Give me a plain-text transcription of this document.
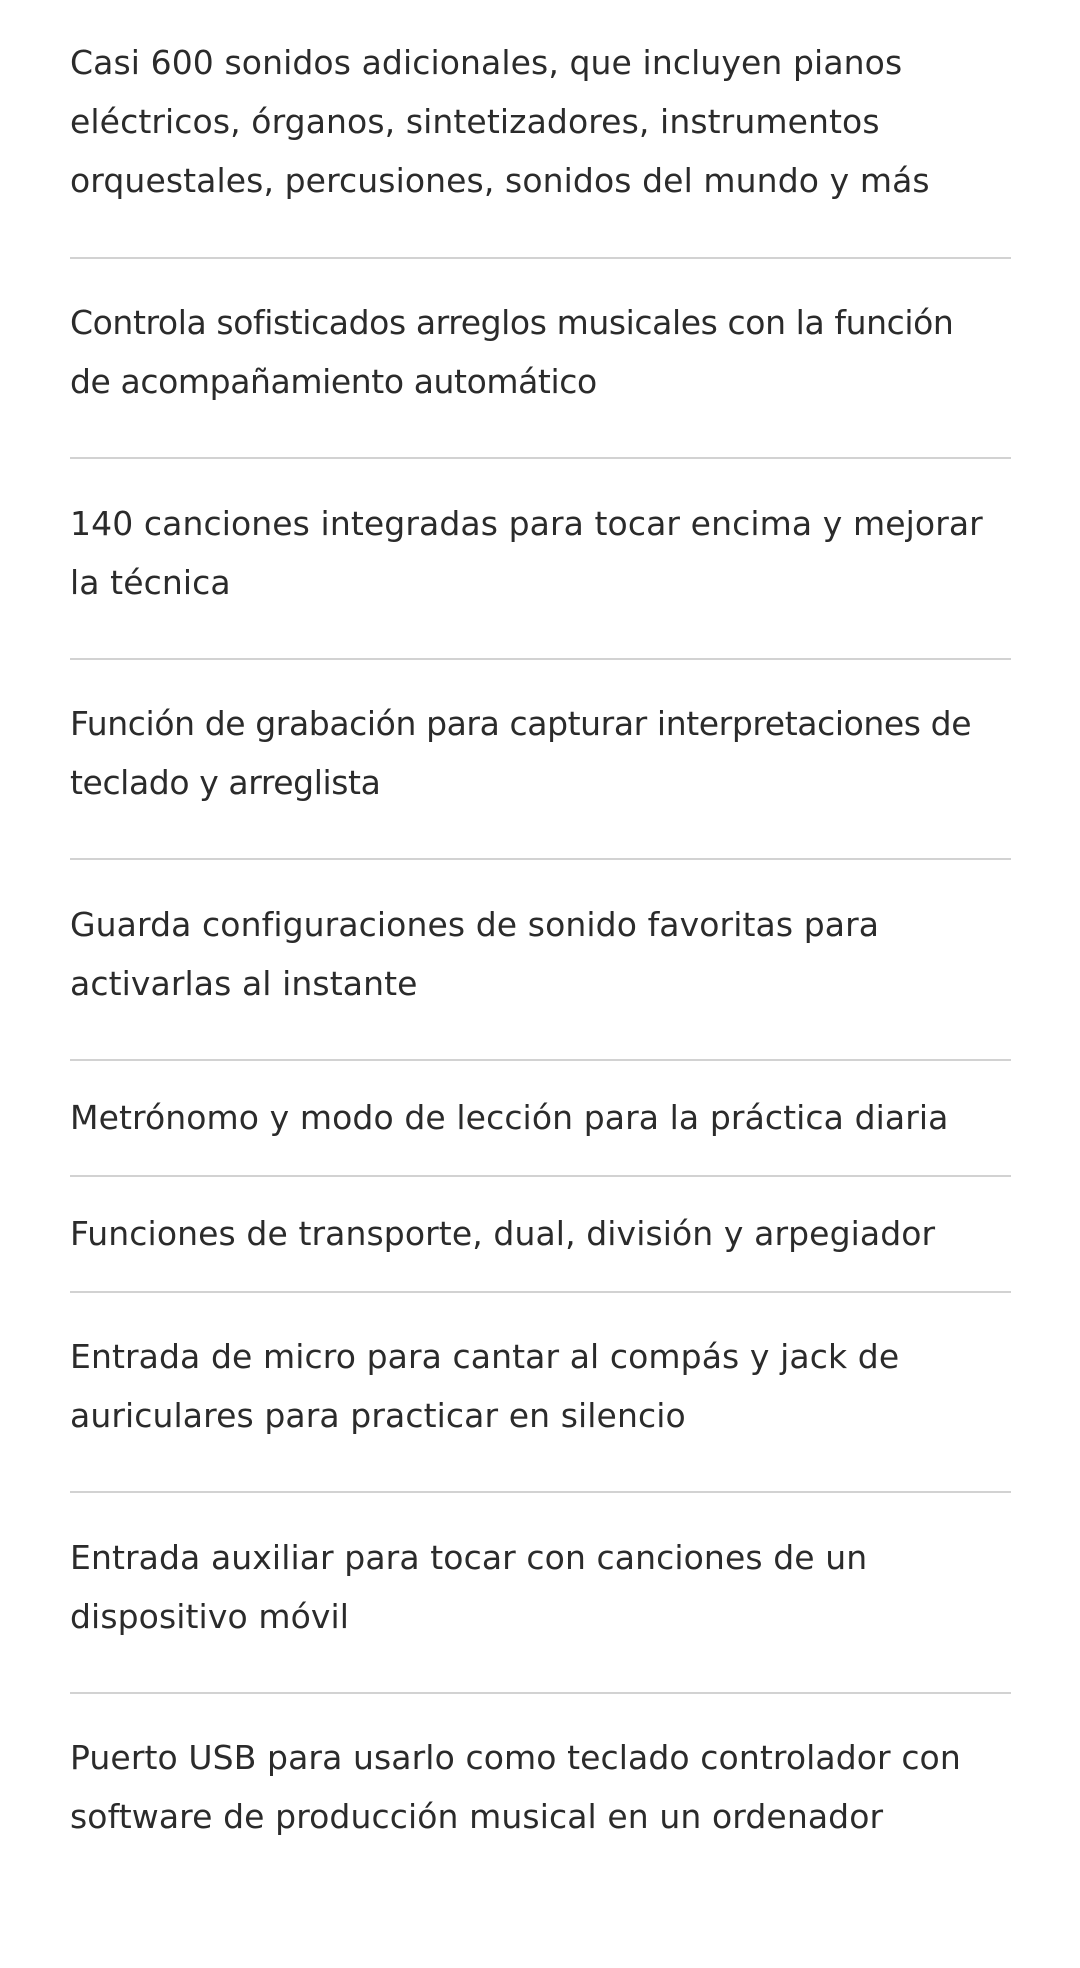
Casi 600 sonidos adicionales, que incluyen pianos
eléctricos, órganos, sintetizadores, instrumentos
orquestales, percusiones, sonidos del mundo y más
Controla sofisticados arreglos musicales con la función
de acompañamiento automático
140 canciones integradas para tocar encima y mejorar
la técnica
Función de grabación para capturar interpretaciones de
teclado y arreglista
Guarda configuraciones de sonido favoritas para
activarlas al instante
Metrónomo y modo de lección para la práctica diaria
Funciones de transporte, dual, división y arpegiador
Entrada de micro para cantar al compás y jack de
auriculares para practicar en silencio
Entrada auxiliar para tocar con canciones de un
dispositivo móvil
Puerto USB para usarlo como teclado controlador con
software de producción musical en un ordenador
